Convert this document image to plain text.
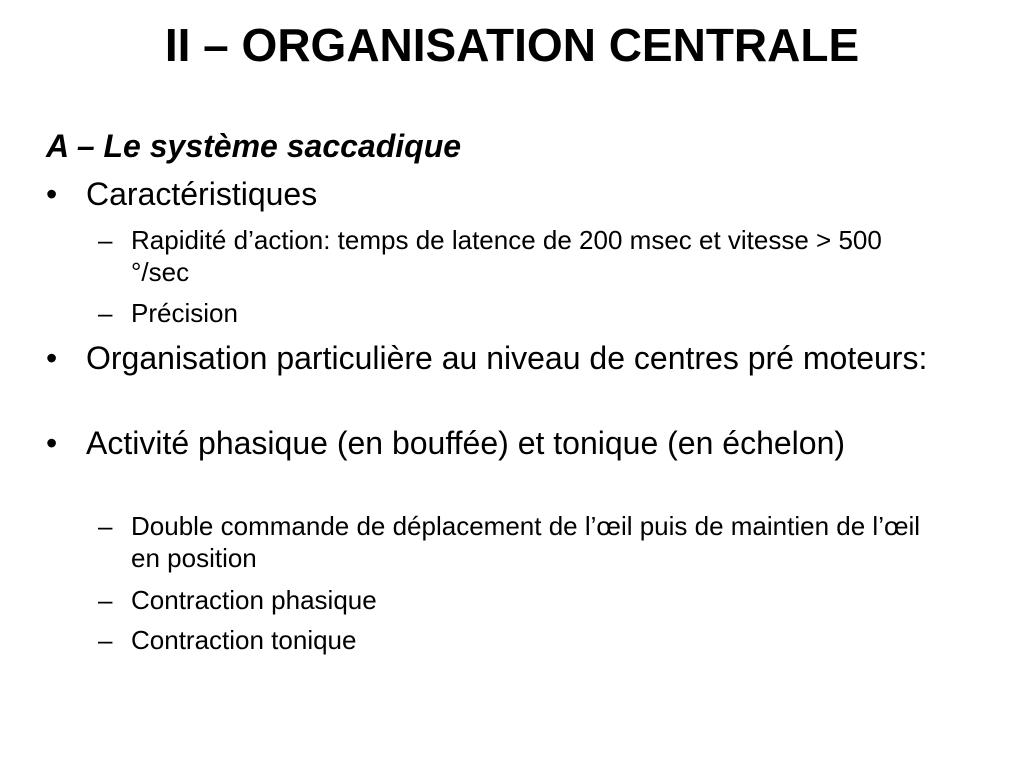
II – ORGANISATION CENTRALE
A – Le système saccadique
• Caractéristiques
– Rapidité d’action: temps de latence de 200 msec et vitesse > 500 °/sec
– Précision
• Organisation particulière au niveau de centres pré moteurs:
• Activité phasique (en bouffée) et tonique (en échelon)
– Double commande de déplacement de l’œil puis de maintien de l’œil en position
– Contraction phasique
– Contraction tonique
